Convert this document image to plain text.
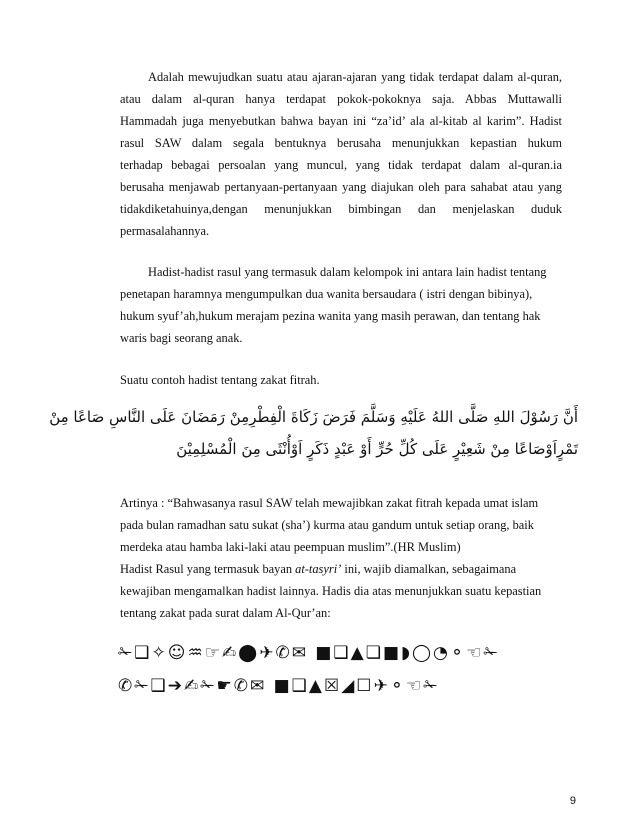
Adalah mewujudkan suatu atau ajaran-ajaran yang tidak terdapat dalam al-quran,
atau dalam al-quran hanya terdapat pokok-pokoknya saja. Abbas Muttawalli
Hammadah juga menyebutkan bahwa bayan ini “za’id’ ala al-kitab al karim”. Hadist
rasul SAW dalam segala bentuknya berusaha menunjukkan kepastian hukum
terhadap bebagai persoalan yang muncul, yang tidak terdapat dalam al-quran.ia
berusaha menjawab pertanyaan-pertanyaan yang diajukan oleh para sahabat atau yang
tidakdiketahuinya,dengan menunjukkan bimbingan dan menjelaskan duduk
permasalahannya.
Hadist-hadist rasul yang termasuk dalam kelompok ini antara lain hadist tentang
penetapan haramnya mengumpulkan dua wanita bersaudara ( istri dengan bibinya),
hukum syuf’ah,hukum merajam pezina wanita yang masih perawan, dan tentang hak
waris bagi seorang anak.
Suatu contoh hadist tentang zakat fitrah.
أَنَّ رَسُوْلَ اللهِ صَلَّى اللهُ عَلَيْهِ وَسَلَّمَ فَرَضَ زَكَاةَ الْفِطْرِمِنْ رَمَضَانَ عَلَى النَّاسِ صَاعًا مِنْ
تَمْرٍاَوْصَاعًا مِنْ شَعِيْرٍ عَلَى كُلِّ حُرٍّ أَوْ عَبْدٍ ذَكَرٍ اَوْأُنْثَى مِنَ الْمُسْلِمِيْنَ
Artinya : “Bahwasanya rasul SAW telah mewajibkan zakat fitrah kepada umat islam
pada bulan ramadhan satu sukat (sha’) kurma atau gandum untuk setiap orang, baik
merdeka atau hamba laki-laki atau peempuan muslim”.(HR Muslim)
Hadist Rasul yang termasuk bayan at-tasyri’ ini, wajib diamalkan, sebagaimana
kewajiban mengamalkan hadist lainnya. Hadis dia atas menunjukkan suatu kepastian
tentang zakat pada surat dalam Al-Qur’an:
✁❑✧☺♒☞✍⬤✈✆✉ ■❑▲❏■◗◯◔⚬☜✁
✆✁❑➔✍✁☛✆✉ ■❑▲☒◢☐✈⚬☜✁
9
